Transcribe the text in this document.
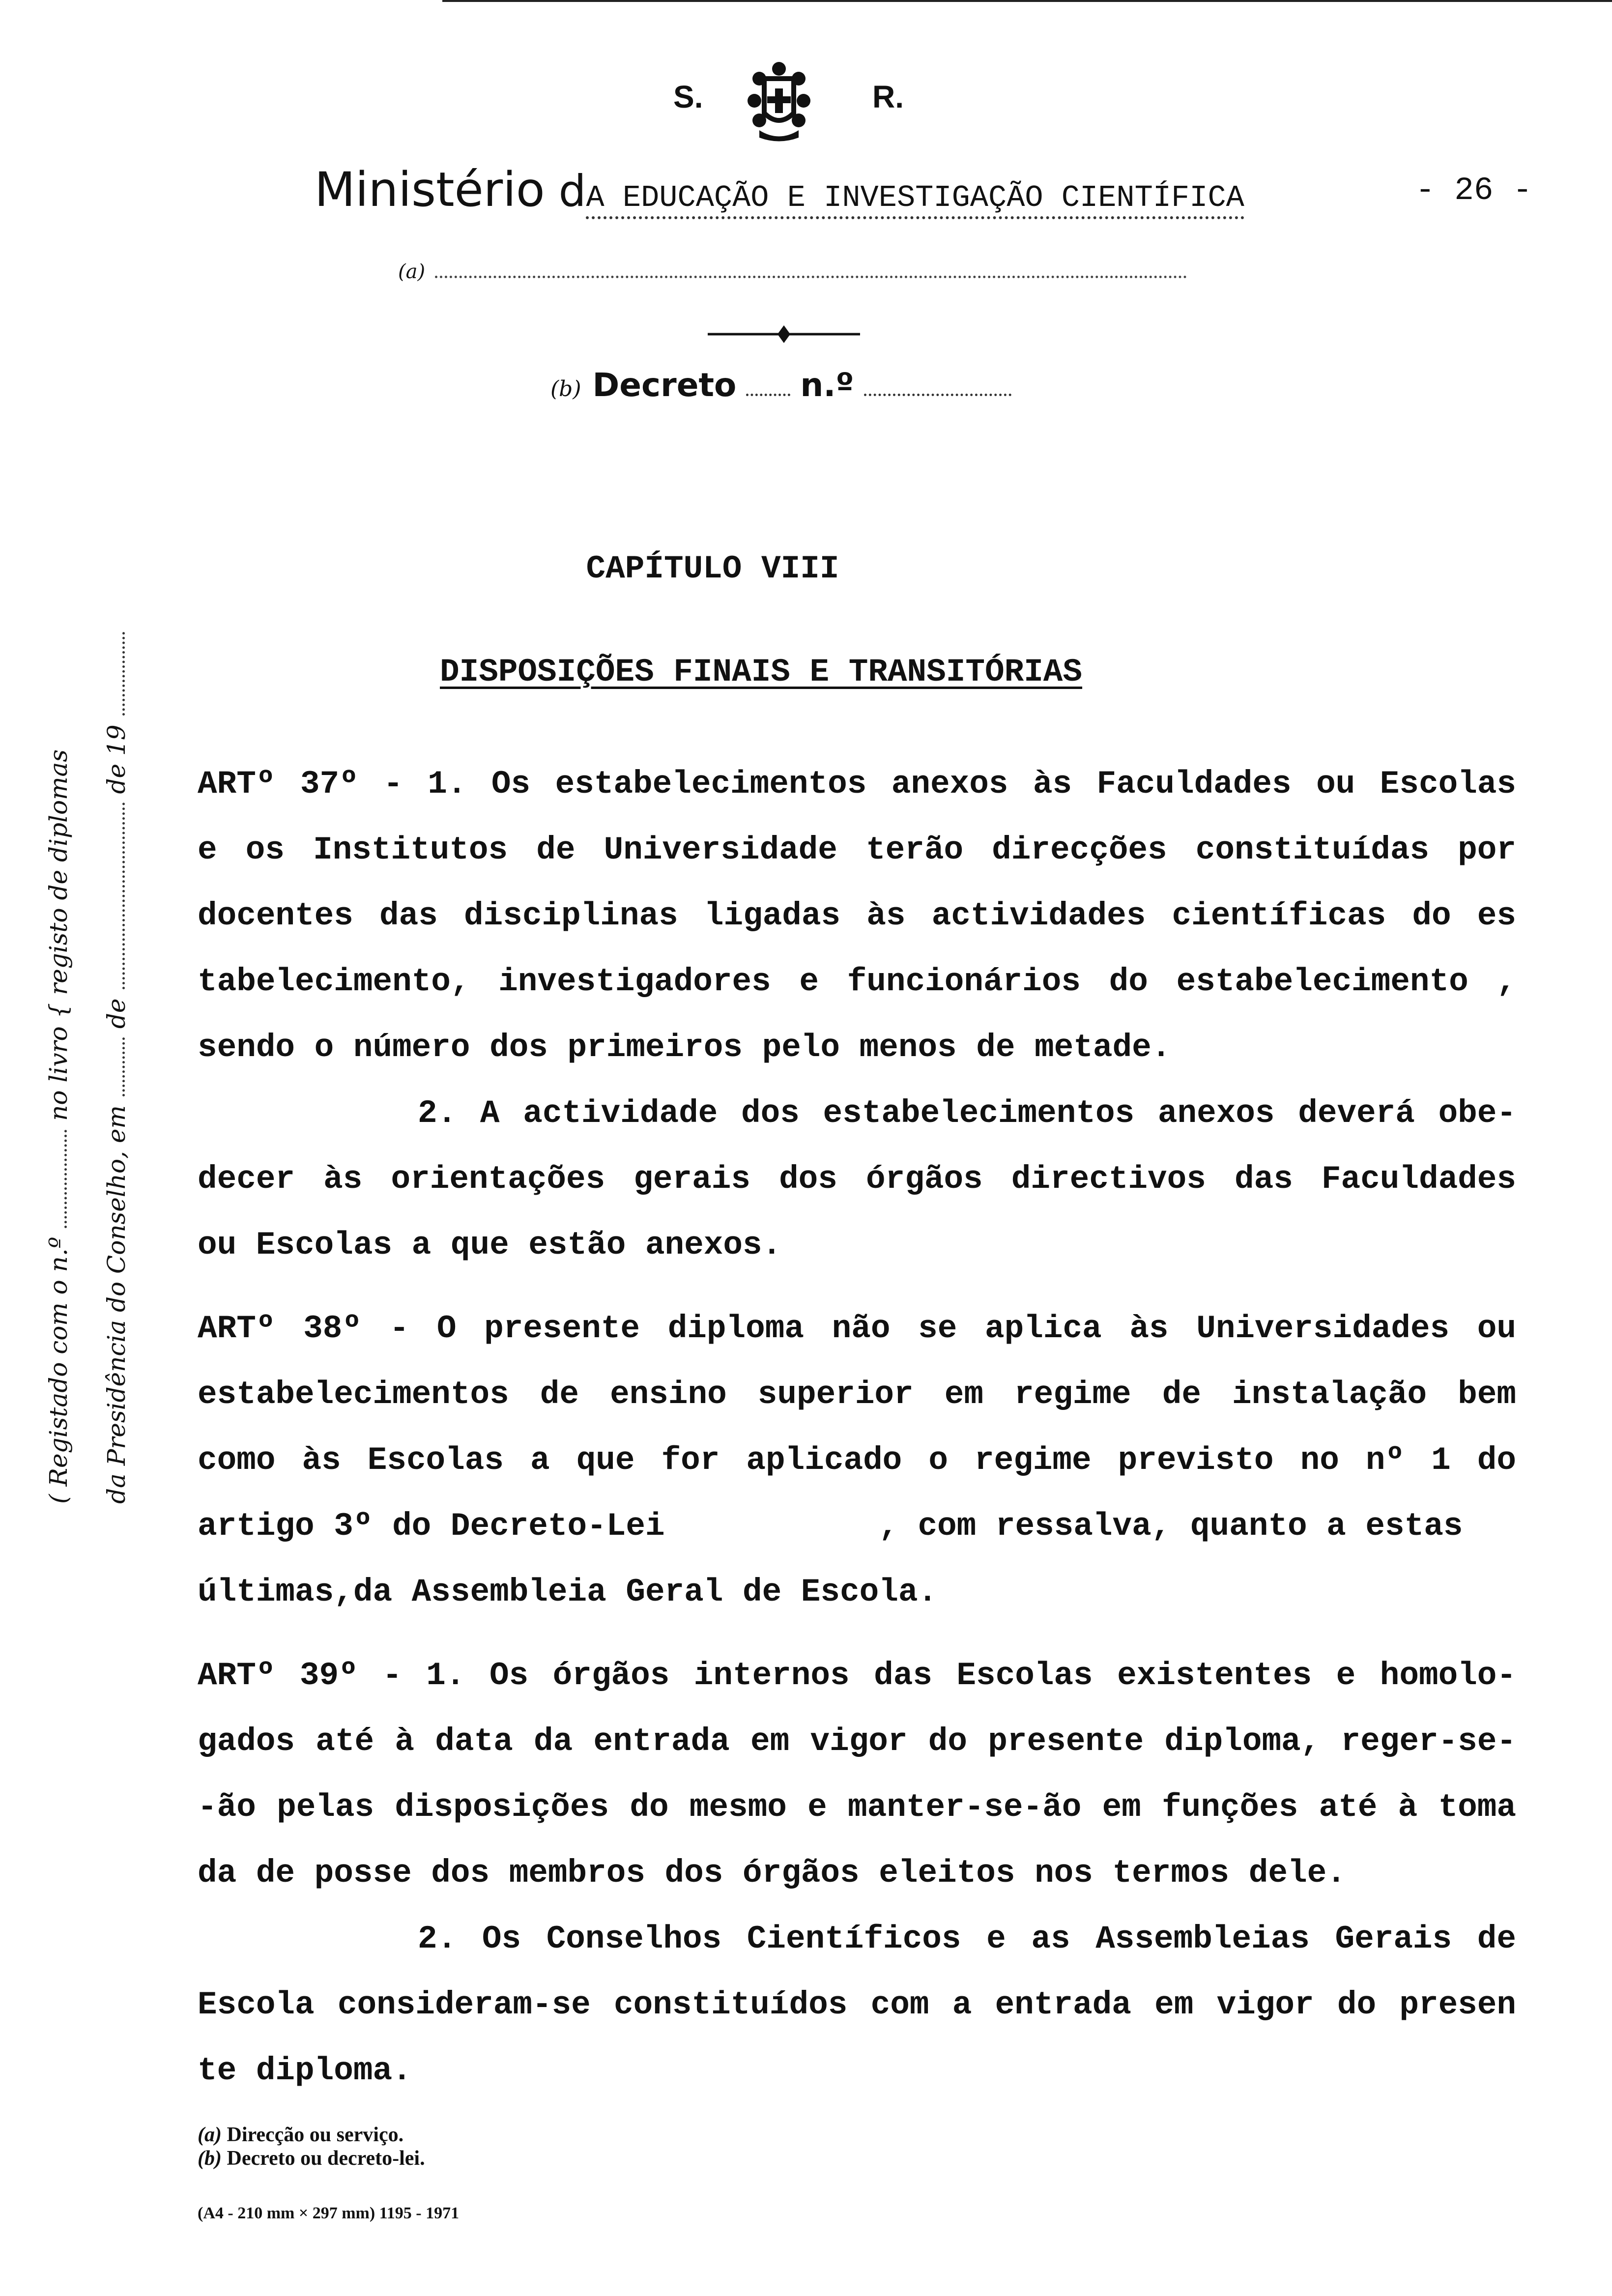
S.	R.
Ministério dA EDUCAÇÃO E INVESTIGAÇÃO CIENTÍFICA	- 26 -
(a)
(b) Decreto n.º
CAPÍTULO VIII
DISPOSIÇÕES FINAIS E TRANSITÓRIAS
ARTº 37º - 1. Os estabelecimentos anexos às Faculdades ou Escolas
e os Institutos de Universidade terão direcções constituídas por
docentes das disciplinas ligadas às actividades científicas do es
tabelecimento, investigadores e funcionários do estabelecimento ,
sendo o número dos primeiros pelo menos de metade.
2. A actividade dos estabelecimentos anexos deverá obe-
decer às orientações gerais dos órgãos directivos das Faculdades
ou Escolas a que estão anexos.
ARTº 38º - O presente diploma não se aplica às Universidades ou
estabelecimentos de ensino superior em regime de instalação bem
como às Escolas a que for aplicado o regime previsto no nº 1 do
artigo 3º do Decreto-Lei           , com ressalva, quanto a estas
últimas,da Assembleia Geral de Escola.
ARTº 39º - 1. Os órgãos internos das Escolas existentes e homolo-
gados até à data da entrada em vigor do presente diploma, reger-se-
-ão pelas disposições do mesmo e manter-se-ão em funções até à toma
da de posse dos membros dos órgãos eleitos nos termos dele.
2. Os Conselhos Científicos e as Assembleias Gerais de
Escola consideram-se constituídos com a entrada em vigor do presen
te diploma.
( Registado com o n.ºno livro { registo de diplomas
da Presidência do Conselho, emdede 19
(a) Direcção ou serviço.
(b) Decreto ou decreto-lei.
(A4 - 210 mm × 297 mm) 1195 - 1971
